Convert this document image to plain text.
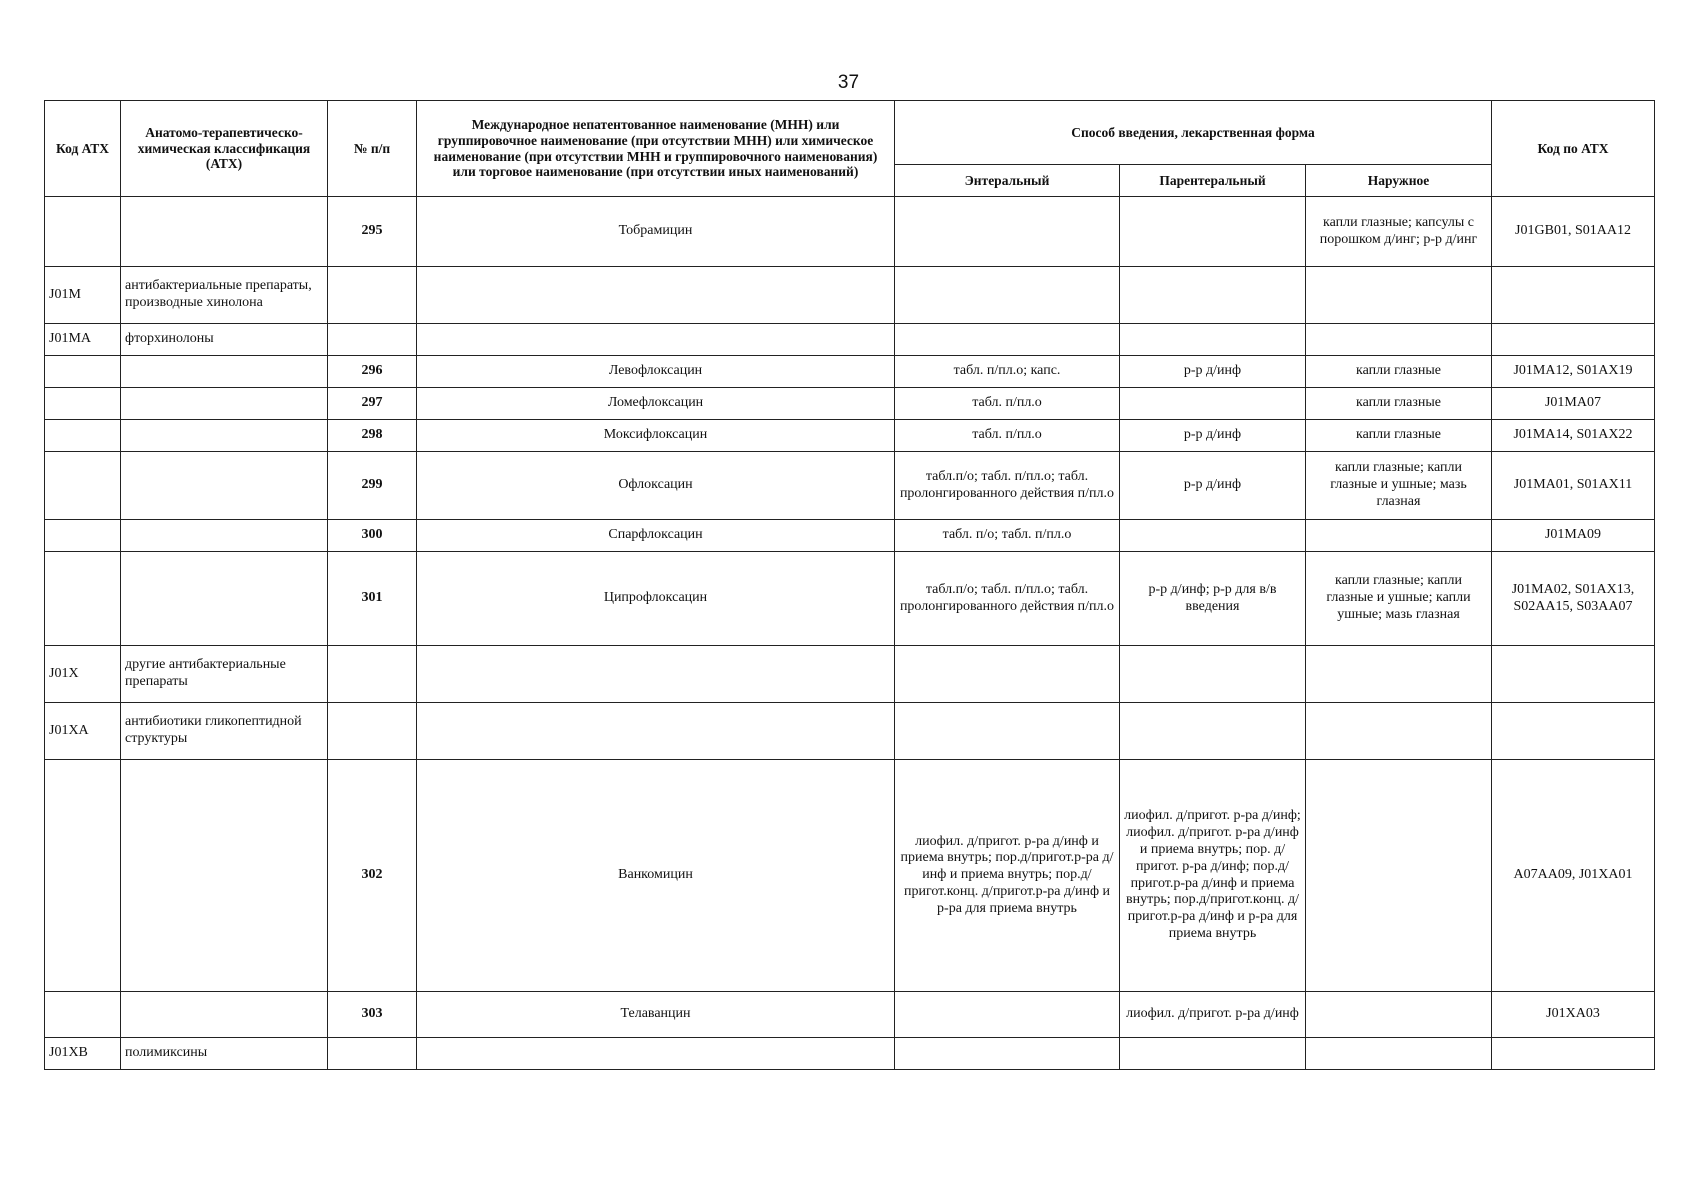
37
Код АТХ	Анатомо-терапевтическо-химическая классификация (АТХ)	№ п/п	Международное непатентованное наименование (МНН) или группировочное наименование (при отсутствии МНН) или химическое наименование (при отсутствии МНН и группировочного наименования) или торговое наименование (при отсутствии иных наименований)	Способ введения, лекарственная форма			Код по АТХ
				Энтеральный	Парентеральный	Наружное	
		295	Тобрамицин			капли глазные; капсулы с порошком д/инг; р-р д/инг	J01GB01, S01AA12
J01M	антибактериальные препараты, производные хинолона						
J01MA	фторхинолоны						
		296	Левофлоксацин	табл. п/пл.о; капс.	р-р д/инф	капли глазные	J01MA12, S01AX19
		297	Ломефлоксацин	табл. п/пл.о		капли глазные	J01MA07
		298	Моксифлоксацин	табл. п/пл.о	р-р д/инф	капли глазные	J01MA14, S01AX22
		299	Офлоксацин	табл.п/о; табл. п/пл.о; табл. пролонгированного действия п/пл.о	р-р д/инф	капли глазные; капли глазные и ушные; мазь глазная	J01MA01, S01AX11
		300	Спарфлоксацин	табл. п/о; табл. п/пл.о			J01MA09
		301	Ципрофлоксацин	табл.п/о; табл. п/пл.о; табл. пролонгированного действия п/пл.о	р-р д/инф; р-р для в/в введения	капли глазные; капли глазные и ушные; капли ушные; мазь глазная	J01MA02, S01AX13, S02AA15, S03AA07
J01X	другие антибактериальные препараты						
J01XA	антибиотики гликопептидной структуры						
		302	Ванкомицин	лиофил. д/пригот. р-ра д/инф и приема внутрь; пор.д/пригот.р-ра д/инф и приема внутрь; пор.д/пригот.конц. д/пригот.р-ра д/инф и р-ра для приема внутрь	лиофил. д/пригот. р-ра д/инф; лиофил. д/пригот. р-ра д/инф и приема внутрь; пор. д/пригот. р-ра д/инф; пор.д/пригот.р-ра д/инф и приема внутрь; пор.д/пригот.конц. д/пригот.р-ра д/инф и р-ра для приема внутрь		A07AA09, J01XA01
		303	Телаванцин		лиофил. д/пригот. р-ра д/инф		J01XA03
J01XB	полимиксины						
